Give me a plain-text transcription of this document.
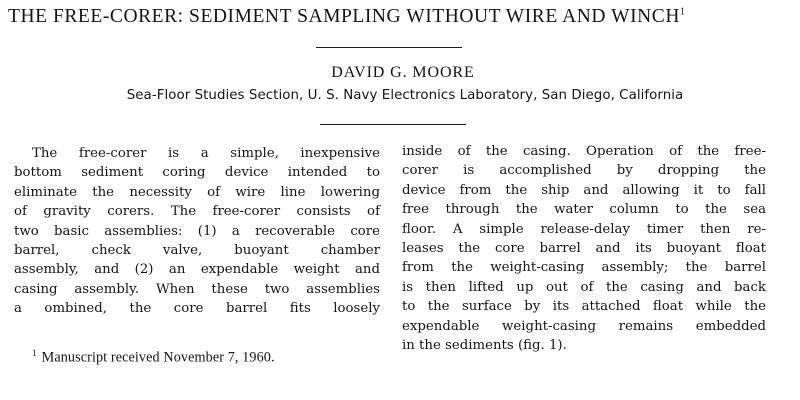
THE FREE-CORER: SEDIMENT SAMPLING WITHOUT WIRE AND WINCH$^1$
DAVID G. MOORE
Sea-Floor Studies Section, U. S. Navy Electronics Laboratory, San Diego, California
The free-corer is a simple, inexpensive
bottom sediment coring device intended to
eliminate the necessity of wire line lowering
of gravity corers. The free-corer consists of
two basic assemblies: (1) a recoverable core
barrel, check valve, buoyant chamber
assembly, and (2) an expendable weight and
casing assembly. When these two assemblies
a ombined, the core barrel fits loosely
inside of the casing. Operation of the free-
corer is accomplished by dropping the
device from the ship and allowing it to fall
free through the water column to the sea
floor. A simple release-delay timer then re-
leases the core barrel and its buoyant float
from the weight-casing assembly; the barrel
is then lifted up out of the casing and back
to the surface by its attached float while the
expendable weight-casing remains embedded
in the sediments (fig. 1).
$^1$ Manuscript received November 7, 1960.
